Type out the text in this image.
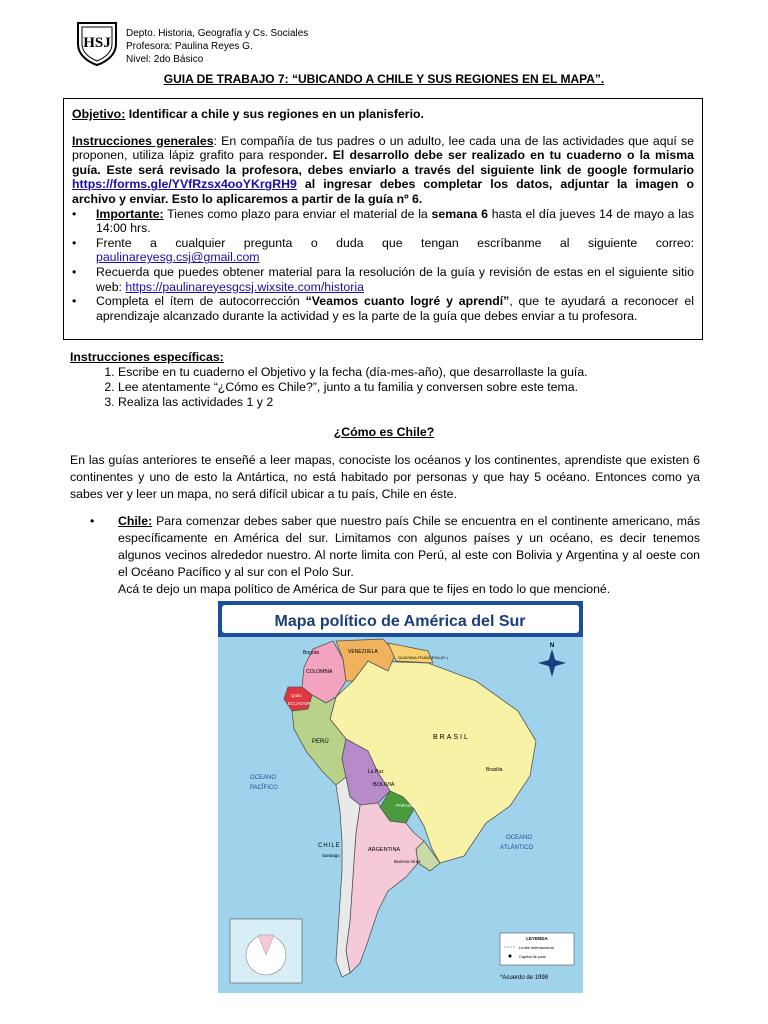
HSJ
Depto. Historia, Geografía y Cs. Sociales
Profesora: Paulina Reyes G.
Nivel: 2do Básico
GUIA DE TRABAJO 7: “UBICANDO A CHILE Y SUS REGIONES EN EL MAPA”.

Objetivo: Identificar a chile y sus regiones en un planisferio.

Instrucciones generales: En compañía de tus padres o un adulto, lee cada una de las actividades que aquí se proponen, utiliza lápiz grafito para responder. El desarrollo debe ser realizado en tu cuaderno o la misma guía. Este será revisado la profesora, debes enviarlo a través del siguiente link de google formulario https://forms.gle/YVfRzsx4ooYKrgRH9 al ingresar debes completar los datos, adjuntar la imagen o archivo y enviar. Esto lo aplicaremos a partir de la guía nº 6.

•	Importante: Tienes como plazo para enviar el material de la semana 6 hasta el día jueves 14 de mayo a las 14:00 hrs.
•	Frente a cualquier pregunta o duda que tengan escríbanme al siguiente correo: paulinareyesg.csj@gmail.com
•	Recuerda que puedes obtener material para la resolución de la guía y revisión de estas en el siguiente sitio web: https://paulinareyesgcsj.wixsite.com/historia
•	Completa el ítem de autocorrección “Veamos cuanto logré y aprendí”, que te ayudará a reconocer el aprendizaje alcanzado durante la actividad y es la parte de la guía que debes enviar a tu profesora.
Instrucciones específicas:
1. Escribe en tu cuaderno el Objetivo y la fecha (día-mes-año), que desarrollaste la guía.
2. Lee atentamente “¿Cómo es Chile?”, junto a tu familia y conversen sobre este tema.
3. Realiza las actividades 1 y 2
¿Cómo es Chile?
En las guías anteriores te enseñé a leer mapas, conociste los océanos y los continentes, aprendiste que existen 6 continentes y uno de esto la Antártica, no está habitado por personas y que hay 5 océano. Entonces como ya sabes ver y leer un mapa, no será difícil ubicar a tu país, Chile en éste.
•	Chile: Para comenzar debes saber que nuestro país Chile se encuentra en el continente americano, más específicamente en América del sur. Limitamos con algunos países y un océano, es decir tenemos algunos vecinos alrededor nuestro. Al norte limita con Perú, al este con Bolivia y Argentina y al oeste con el Océano Pacífico y al sur con el Polo Sur.
Acá te dejo un mapa político de América de Sur para que te fijes en todo lo que mencioné.
Mapa político de América del Sur
Bogotá
COLOMBIA
VENEZUELA
GUAYANA FRANCESA (Fr.)
Quito
ECUADOR
PERÚ
BRASIL
Brasilia
La Paz
BOLIVIA
PARAGUAY
ARGENTINA
Buenos Aires
CHILE
Santiago
OCEANO
PACÍFICO
OCEANO
ATLÁNTICO
N
LEYENDA
Límite internacional
Capital de país
*Acuerdo de 1998
